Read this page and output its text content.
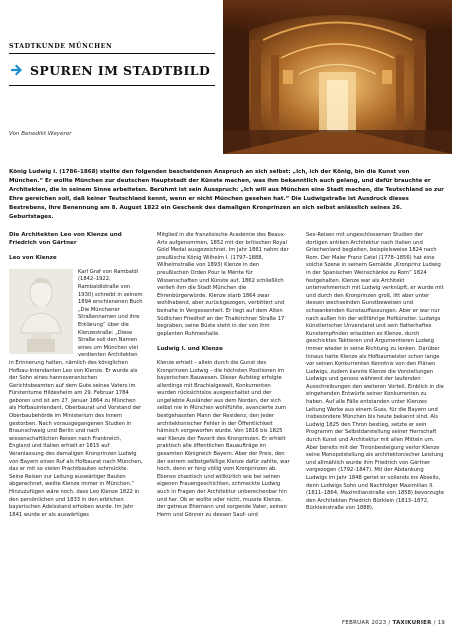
STADTKUNDE MÜNCHEN
SPUREN IM STADTBILD
Von Benedikt Weyerer

König Ludwig I. (1786–1868) stellte den folgenden bescheidenen Anspruch an sich selbst: „Ich, ich der König, bin die Kunst von München.“ Er wollte München zur deutschen Hauptstadt der Künste machen, was ihm bekanntlich auch gelang, und dafür brauchte er Architekten, die in seinem Sinne arbeiteten. Berühmt ist sein Ausspruch: „Ich will aus München eine Stadt machen, die Teutschland so zur Ehre gereichen soll, daß keiner Teutschland kennt, wenn er nicht München gesehen hat.“ Die Ludwigstraße ist Ausdruck dieses Bestrebens, ihre Benennung am 8. August 1822 ein Geschenk des damaligen Kronprinzen an sich selbst anlässlich seines 26. Geburtstages.

Die Architekten Leo von Klenze und Friedrich von Gärtner
Leo von Klenze

Karl Graf von Rambaldi (1842–1922, Rambaldistraße von 1930) schreibt in seinem 1894 erschienenen Buch „Die Münchener Straßennamen und ihre Erklärung“ über die Klenzestraße: „Diese Straße soll den Namen eines um München viel verdienten Architekten in Erinnerung halten, nämlich des königlichen Hofbau-Intendanten Leo von Klenze. Er wurde als der Sohn eines hannoveranischen Gerichtsbeamten auf dem Gute seines Vaters im Fürstentume Hildesheim am 29. Februar 1784 geboren und ist am 27. Januar 1864 zu München als Hofbauintendant, Oberbaurat und Vorstand der Oberbaubehörde im Ministerium des Innern gestorben. Nach vorausgegangenen Studien in Braunschweig und Berlin und nach wissenschaftlichen Reisen nach Frankreich, England und Italien erhielt er 1815 auf Veranlassung des damaligen Kronprinzen Ludwig von Bayern einen Ruf als Hofbaurat nach München, das er mit so vielen Prachtbauten schmückte. Seine Reisen zur Leitung auswärtiger Bauten abgerechnet, weilte Klenze immer in München.“ Hinzuzufügen wäre noch, dass Leo Klenze 1822 in den persönlichen und 1833 in den erblichen bayerischen Adelsstand erhoben wurde. Im Jahr 1841 wurde er als auswärtiges

Mitglied in die französische Académie des Beaux-Arts aufgenommen, 1852 mit der britischen Royal Gold Medal ausgezeichnet. Im Jahr 1861 nahm der preußische König Wilhelm I. (1797–1888, Wilhelmstraße von 1893) Klenze in den preußischen Orden Pour le Mérite für Wissenschaften und Künste auf, 1862 schließlich verlieh ihm die Stadt München die Ehrenbürgerwürde. Klenze starb 1864 zwar wohlhabend, aber zurückgezogen, verbittert und beinahe in Vergessenheit. Er liegt auf dem Alten Südlichen Friedhof an der Thalkirchner Straße 17 begraben, seine Büste steht in der von ihm geplanten Ruhmeshalle.

Ludwig I. und Klenze

Klenze erhielt – allein durch die Gunst des Kronprinzen Ludwig – die höchsten Positionen im bayerischen Bauwesen. Dieser Aufstieg erfolgte allerdings mit Brachialgewalt, Konkurrenten wurden rücksichtslos ausgeschaltet und der ungeliebte Ausländer aus dem Norden, der sich selbst nie in München wohlfühlte, avancierte zum bestgehassten Mann der Residenz, den jeder architektonischer Fehler in der Öffentlichkeit hämisch vorgeworfen wurde. Von 1816 bis 1825 war Klenze der Favorit des Kronprinzen. Er erhielt praktisch alle öffentlichen Bauaufträge im gesamten Königreich Bayern. Aber der Preis, den der extrem selbstgefällige Klenze dafür zahlte, war hoch, denn er hing völlig vom Kronprinzen ab. Ebenso chaotisch und willkürlich wie bei seinen eigenen Frauengeschichten, schmeckte Ludwig auch in Fragen der Architektur unberechenbar hin und her. Ob er wollte oder nicht, musste Klenze, der getreue Ehemann und sorgende Vater, seinen Herrn und Gönner zu dessen Sauf- und

Sex-Reisen mit ungeschlossenen Studien der dortigen antiken Architektur nach Italien und Griechenland begleiten, beispielsweise 1824 nach Rom. Der Maler Franz Catel (1778–1856) hat eine solche Szene in seinem Gemälde „Kronprinz Ludwig in der Spanischen Weinschänke zu Rom“ 1824 festgehalten. Klenze war als Architekt unternehmerisch mit Ludwig verknüpft, er wurde mit und durch den Kronprinzen groß, litt aber unter dessen wechselnden Gunstbeweisen und schwankenden Kunstauffassungen. Aber er war nur nach außen hin der willfährige Hofkünstler. Ludwigs künstlerischer Unverstand und sein flatterhaftes Kunstempfinden erlaubten es Klenze, durch geschicktes Taktieren und Argumentieren Ludwig immer wieder in seine Richtung zu lenken. Darüber hinaus hatte Klenze als Hofbaumeister schon lange vor seinen Konkurrenten Kenntnis von den Plänen Ludwigs, zudem kannte Klenze die Vorstellungen Ludwigs und genoss während der laufenden Ausschreibungen den weiteren Vorteil, Einblick in die eingehenden Entwürfe seiner Konkurrenten zu haben. Auf alle Fälle entstanden unter Klenzes Leitung Werke aus einem Guss, für die Bayern und insbesondere München bis heute bekannt sind. Als Ludwig 1825 den Thron bestieg, setzte er sein Programm der Selbstdarstellung seiner Herrschaft durch Kunst und Architektur mit allen Mitteln um. Aber bereits mit der Thronbesteigung verlor Klenze seine Monopolstellung als architektonischer Leistung und allmählich wurde ihm Friedrich von Gärtner vorgezogen (1792–1847). Mit der Abdankung Ludwigs im Jahr 1848 geriet er vollends ins Abseits, denn Ludwigs Sohn und Nachfolger Maximilian II. (1811–1864, Maximilianstraße von 1858) bevorzugte den Architekten Friedrich Bürklein (1813–1872, Bürkleinstraße von 1888).

FEBRUAR 2023 / TAXIKURIER / 19
